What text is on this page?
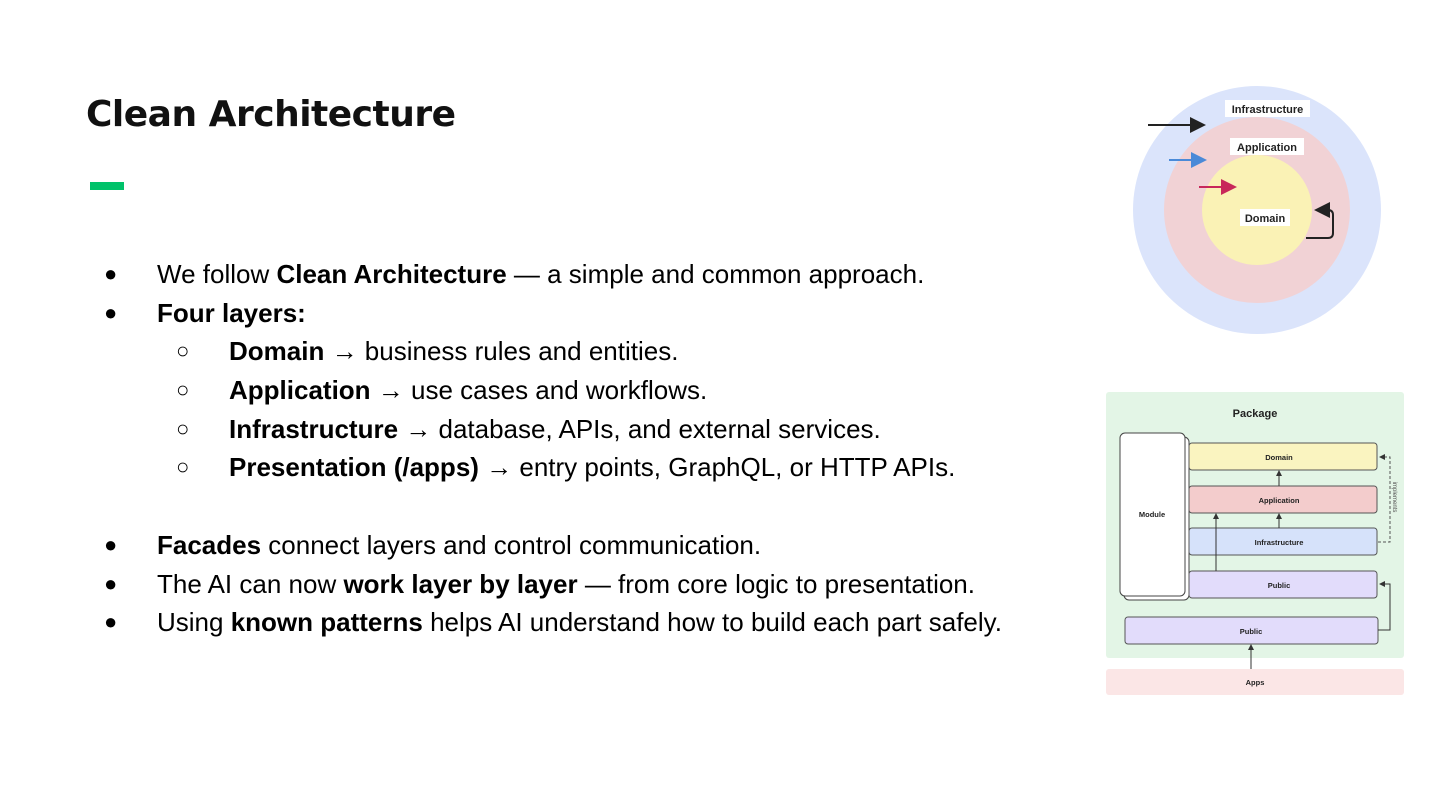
Clean Architecture
● We follow Clean Architecture — a simple and common approach.
● Four layers:
○ Domain → business rules and entities.
○ Application → use cases and workflows.
○ Infrastructure → database, APIs, and external services.
○ Presentation (/apps) → entry points, GraphQL, or HTTP APIs.
● Facades connect layers and control communication.
● The AI can now work layer by layer — from core logic to presentation.
● Using known patterns helps AI understand how to build each part safely.
Infrastructure
Application
Domain
Package
Module
Domain
Application
Infrastructure
Public
Public
implements
Apps
